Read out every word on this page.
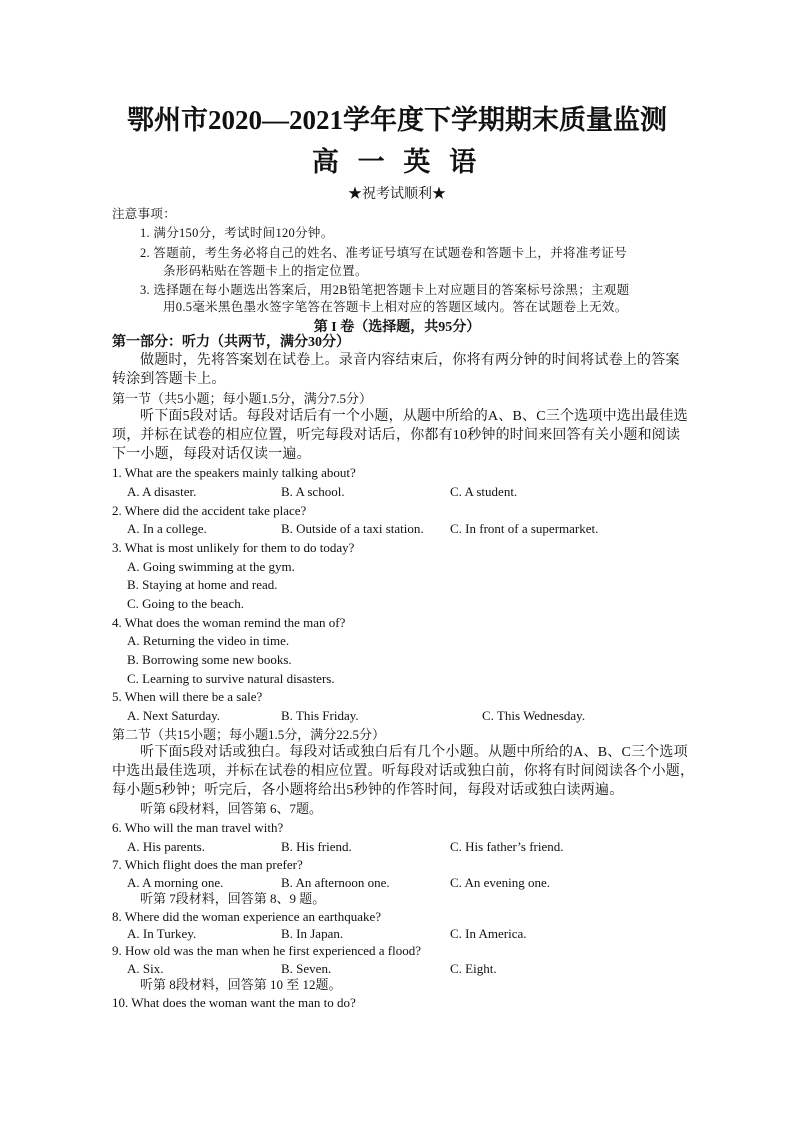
鄂州市2020—2021学年度下学期期末质量监测
高 一 英 语
★祝考试顺利★
注意事项：
1. 满分150分，考试时间120分钟。
2. 答题前，考生务必将自己的姓名、准考证号填写在试题卷和答题卡上，并将准考证号
条形码粘贴在答题卡上的指定位置。
3. 选择题在每小题选出答案后，用2B铅笔把答题卡上对应题目的答案标号涂黑；主观题
用0.5毫米黑色墨水签字笔答在答题卡上相对应的答题区域内。答在试题卷上无效。
第 I 卷（选择题，共95分）
第一部分：听力（共两节，满分30分）
做题时，先将答案划在试卷上。录音内容结束后，你将有两分钟的时间将试卷上的答案
转涂到答题卡上。
第一节（共5小题；每小题1.5分，满分7.5分）
听下面5段对话。每段对话后有一个小题，从题中所给的A、B、C三个选项中选出最佳选
项，并标在试卷的相应位置，听完每段对话后，你都有10秒钟的时间来回答有关小题和阅读
下一小题，每段对话仅读一遍。
1. What are the speakers mainly talking about?
A. A disaster.	B. A school.	C. A student.
2. Where did the accident take place?
A. In a college.	B. Outside of a taxi station. C. In front of a supermarket.
3. What is most unlikely for them to do today?
A. Going swimming at the gym.
B. Staying at home and read.
C. Going to the beach.
4. What does the woman remind the man of?
A. Returning the video in time.
B. Borrowing some new books.
C. Learning to survive natural disasters.
5. When will there be a sale?
A. Next Saturday.	B. This Friday.	C. This Wednesday.
第二节（共15小题；每小题1.5分，满分22.5分）
听下面5段对话或独白。每段对话或独白后有几个小题。从题中所给的A、B、C三个选项
中选出最佳选项，并标在试卷的相应位置。听每段对话或独白前，你将有时间阅读各个小题，
每小题5秒钟；听完后，各小题将给出5秒钟的作答时间，每段对话或独白读两遍。
听第 6段材料，回答第 6、7题。
6. Who will the man travel with?
A. His parents.	B. His friend.	C. His father’s friend.
7. Which flight does the man prefer?
A. A morning one.	B. An afternoon one.	C. An evening one.
听第 7段材料，回答第 8、9 题。
8. Where did the woman experience an earthquake?
A. In Turkey.	B. In Japan.	C. In America.
9. How old was the man when he first experienced a flood?
A. Six.	B. Seven.	C. Eight.
听第 8段材料，回答第 10 至 12题。
10. What does the woman want the man to do?
